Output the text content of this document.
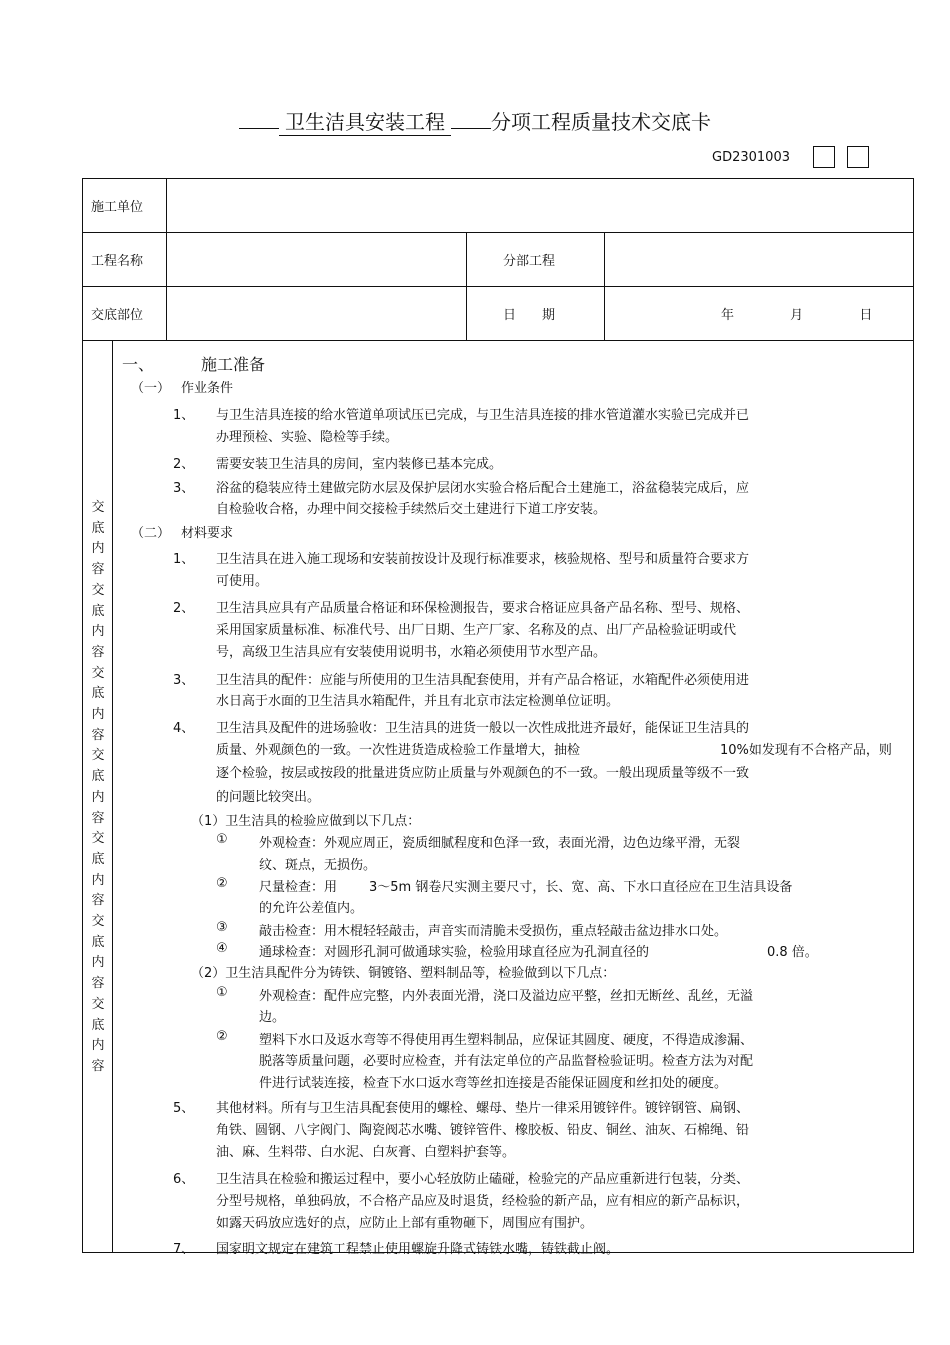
卫生洁具安装工程 分项工程质量技术交底卡
GD2301003
施工单位			
工程名称		分部工程	
交底部位		日　　期	年 月 日
交底内容交底内容交底内容交底内容交底内容交底内容交底内容
一、	施工准备
（一） 作业条件
1、 与卫生洁具连接的给水管道单项试压已完成，与卫生洁具连接的排水管道灌水实验已完成并已
办理预检、实验、隐检等手续。
2、 需要安装卫生洁具的房间，室内装修已基本完成。
3、 浴盆的稳装应待土建做完防水层及保护层闭水实验合格后配合土建施工，浴盆稳装完成后，应
自检验收合格，办理中间交接检手续然后交土建进行下道工序安装。
（二） 材料要求
1、 卫生洁具在进入施工现场和安装前按设计及现行标准要求，核验规格、型号和质量符合要求方
可使用。
2、 卫生洁具应具有产品质量合格证和环保检测报告，要求合格证应具备产品名称、型号、规格、
采用国家质量标准、标准代号、出厂日期、生产厂家、名称及的点、出厂产品检验证明或代
号，高级卫生洁具应有安装使用说明书，水箱必须使用节水型产品。
3、 卫生洁具的配件：应能与所使用的卫生洁具配套使用，并有产品合格证，水箱配件必须使用进
水日高于水面的卫生洁具水箱配件，并且有北京市法定检测单位证明。
4、 卫生洁具及配件的进场验收：卫生洁具的进货一般以一次性成批进齐最好，能保证卫生洁具的
质量、外观颜色的一致。一次性进货造成检验工作量增大，抽检	10%如发现有不合格产品，则
逐个检验，按层或按段的批量进货应防止质量与外观颜色的不一致。一般出现质量等级不一致
的问题比较突出。
（1）卫生洁具的检验应做到以下几点：
① 外观检查：外观应周正，瓷质细腻程度和色泽一致，表面光滑，边色边缘平滑，无裂
纹、斑点，无损伤。
② 尺量检查：用 3～5m 钢卷尺实测主要尺寸，长、宽、高、下水口直径应在卫生洁具设备
的允许公差值内。
③ 敲击检查：用木棍轻轻敲击，声音实而清脆未受损伤，重点轻敲击盆边排水口处。
④ 通球检查：对圆形孔洞可做通球实验，检验用球直径应为孔洞直径的	0.8 倍。
（2）卫生洁具配件分为铸铁、铜镀铬、塑料制品等，检验做到以下几点：
① 外观检查：配件应完整，内外表面光滑，浇口及溢边应平整，丝扣无断丝、乱丝，无溢
边。
② 塑料下水口及返水弯等不得使用再生塑料制品，应保证其圆度、硬度，不得造成渗漏、
脱落等质量问题，必要时应检查，并有法定单位的产品监督检验证明。检查方法为对配
件进行试装连接，检查下水口返水弯等丝扣连接是否能保证圆度和丝扣处的硬度。
5、 其他材料。所有与卫生洁具配套使用的螺栓、螺母、垫片一律采用镀锌件。镀锌钢管、扁钢、
角铁、圆钢、八字阀门、陶瓷阀芯水嘴、镀锌管件、橡胶板、铅皮、铜丝、油灰、石棉绳、铅
油、麻、生料带、白水泥、白灰膏、白塑料护套等。
6、 卫生洁具在检验和搬运过程中，要小心轻放防止磕碰，检验完的产品应重新进行包装，分类、
分型号规格，单独码放，不合格产品应及时退货，经检验的新产品，应有相应的新产品标识，
如露天码放应选好的点，应防止上部有重物砸下，周围应有围护。
7、 国家明文规定在建筑工程禁止使用螺旋升降式铸铁水嘴，铸铁截止阀。
